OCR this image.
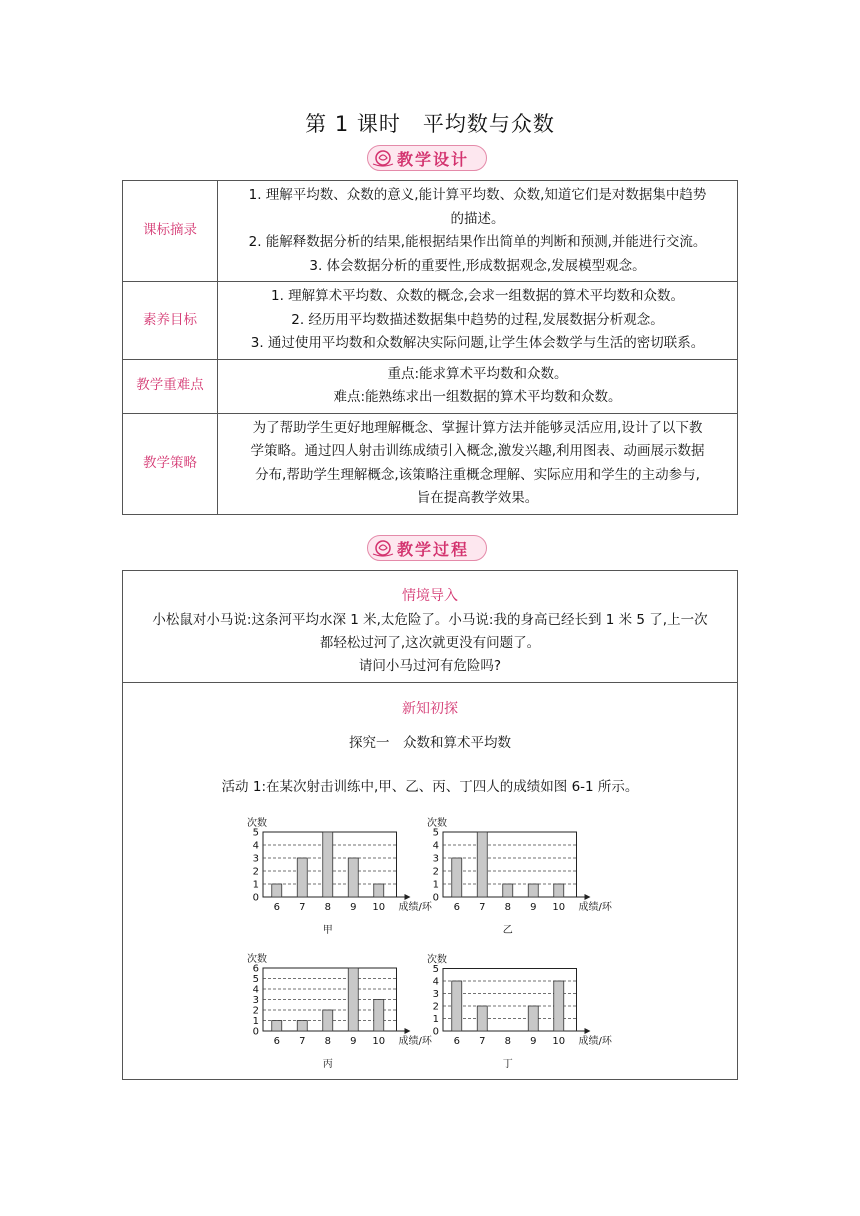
第 1 课时　平均数与众数
教学设计
课标摘录	1. 理解平均数、众数的意义,能计算平均数、众数,知道它们是对数据集中趋势
的描述。
2. 能解释数据分析的结果,能根据结果作出简单的判断和预测,并能进行交流。
3. 体会数据分析的重要性,形成数据观念,发展模型观念。

素养目标	1. 理解算术平均数、众数的概念,会求一组数据的算术平均数和众数。
2. 经历用平均数描述数据集中趋势的过程,发展数据分析观念。
3. 通过使用平均数和众数解决实际问题,让学生体会数学与生活的密切联系。

教学重难点	重点:能求算术平均数和众数。
难点:能熟练求出一组数据的算术平均数和众数。

教学策略	为了帮助学生更好地理解概念、掌握计算方法并能够灵活应用,设计了以下教
学策略。通过四人射击训练成绩引入概念,激发兴趣,利用图表、动画展示数据
分布,帮助学生理解概念,该策略注重概念理解、实际应用和学生的主动参与,
旨在提高教学效果。
教学过程
情境导入
小松鼠对小马说:这条河平均水深 1 米,太危险了。小马说:我的身高已经长到 1 米 5 了,上一次
都轻松过河了,这次就更没有问题了。
请问小马过河有危险吗?
新知初探
探究一　众数和算术平均数
活动 1:在某次射击训练中,甲、乙、丙、丁四人的成绩如图 6-1 所示。
次数
0
1
2
3
4
5
6 7 8 9 10 成绩/环
甲
次数
0
1
2
3
4
5
6 7 8 9 10 成绩/环
乙
次数
0
1
2
3
4
5
6
6 7 8 9 10 成绩/环
丙
次数
0
1
2
3
4
5
6 7 8 9 10 成绩/环
丁
